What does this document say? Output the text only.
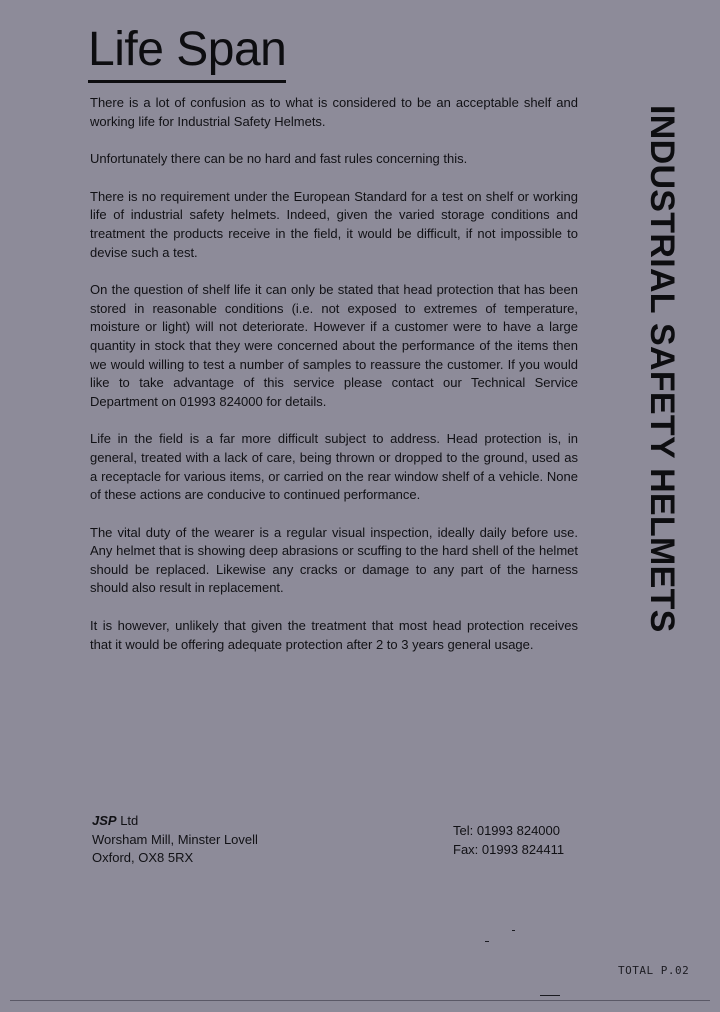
Life Span

There is a lot of confusion as to what is considered to be an acceptable shelf and working life for Industrial Safety Helmets.

Unfortunately there can be no hard and fast rules concerning this.

There is no requirement under the European Standard for a test on shelf or working life of industrial safety helmets. Indeed, given the varied storage conditions and treatment the products receive in the field, it would be difficult, if not impossible to devise such a test.

On the question of shelf life it can only be stated that head protection that has been stored in reasonable conditions (i.e. not exposed to extremes of temperature, moisture or light) will not deteriorate. However if a customer were to have a large quantity in stock that they were concerned about the performance of the items then we would willing to test a number of samples to reassure the customer. If you would like to take advantage of this service please contact our Technical Service Department on 01993 824000 for details.

Life in the field is a far more difficult subject to address. Head protection is, in general, treated with a lack of care, being thrown or dropped to the ground, used as a receptacle for various items, or carried on the rear window shelf of a vehicle. None of these actions are conducive to continued performance.

The vital duty of the wearer is a regular visual inspection, ideally daily before use. Any helmet that is showing deep abrasions or scuffing to the hard shell of the helmet should be replaced. Likewise any cracks or damage to any part of the harness should also result in replacement.

It is however, unlikely that given the treatment that most head protection receives that it would be offering adequate protection after 2 to 3 years general usage.

INDUSTRIAL SAFETY HELMETS
JSP Ltd
Worsham Mill, Minster Lovell
Oxford, OX8 5RX
Tel: 01993 824000
Fax: 01993 824411
TOTAL P.02
